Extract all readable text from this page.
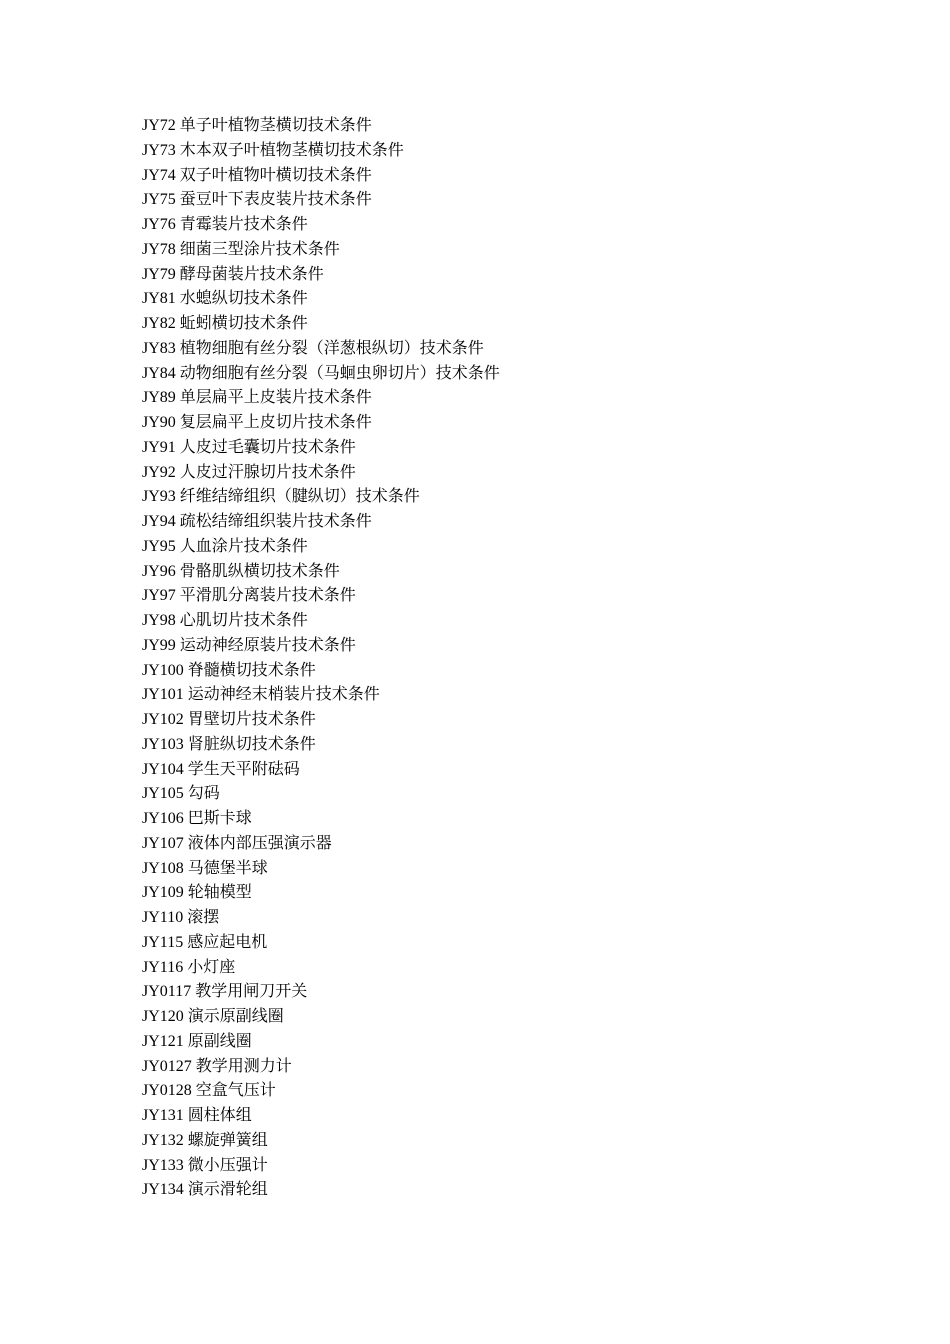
JY72 单子叶植物茎横切技术条件
JY73 木本双子叶植物茎横切技术条件
JY74 双子叶植物叶横切技术条件
JY75 蚕豆叶下表皮装片技术条件
JY76 青霉装片技术条件
JY78 细菌三型涂片技术条件
JY79 酵母菌装片技术条件
JY81 水螅纵切技术条件
JY82 蚯蚓横切技术条件
JY83 植物细胞有丝分裂（洋葱根纵切）技术条件
JY84 动物细胞有丝分裂（马蛔虫卵切片）技术条件
JY89 单层扁平上皮装片技术条件
JY90 复层扁平上皮切片技术条件
JY91 人皮过毛囊切片技术条件
JY92 人皮过汗腺切片技术条件
JY93 纤维结缔组织（腱纵切）技术条件
JY94 疏松结缔组织装片技术条件
JY95 人血涂片技术条件
JY96 骨骼肌纵横切技术条件
JY97 平滑肌分离装片技术条件
JY98 心肌切片技术条件
JY99 运动神经原装片技术条件
JY100 脊髓横切技术条件
JY101 运动神经末梢装片技术条件
JY102 胃壁切片技术条件
JY103 肾脏纵切技术条件
JY104 学生天平附砝码
JY105 勾码
JY106 巴斯卡球
JY107 液体内部压强演示器
JY108 马德堡半球
JY109 轮轴模型
JY110 滚摆
JY115 感应起电机
JY116 小灯座
JY0117 教学用闸刀开关
JY120 演示原副线圈
JY121 原副线圈
JY0127 教学用测力计
JY0128 空盒气压计
JY131 圆柱体组
JY132 螺旋弹簧组
JY133 微小压强计
JY134 演示滑轮组
